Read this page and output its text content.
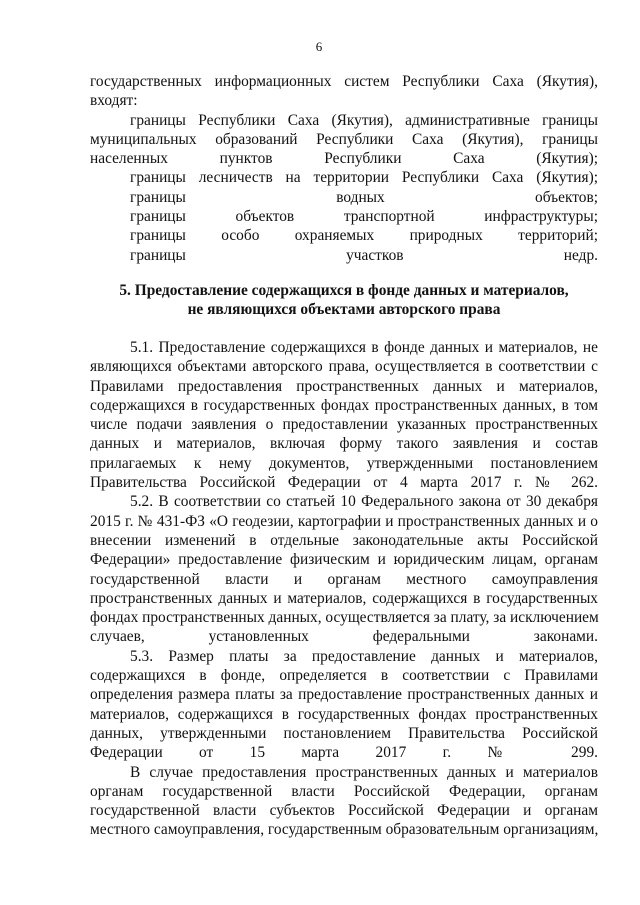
6
государственных информационных систем Республики Саха (Якутия),
входят:
границы Республики Саха (Якутия), административные границы
муниципальных образований Республики Саха (Якутия), границы
населенных пунктов Республики Саха (Якутия);
границы лесничеств на территории Республики Саха (Якутия);
границы водных объектов;
границы объектов транспортной инфраструктуры;
границы особо охраняемых природных территорий;
границы участков недр.
5. Предоставление содержащихся в фонде данных и материалов,
не являющихся объектами авторского права
5.1. Предоставление содержащихся в фонде данных и материалов, не
являющихся объектами авторского права, осуществляется в соответствии с
Правилами предоставления пространственных данных и материалов,
содержащихся в государственных фондах пространственных данных, в том
числе подачи заявления о предоставлении указанных пространственных
данных и материалов, включая форму такого заявления и состав
прилагаемых к нему документов, утвержденными постановлением
Правительства Российской Федерации от 4 марта 2017 г. № 262.
5.2. В соответствии со статьей 10 Федерального закона от 30 декабря
2015 г. № 431-ФЗ «О геодезии, картографии и пространственных данных и о
внесении изменений в отдельные законодательные акты Российской
Федерации» предоставление физическим и юридическим лицам, органам
государственной власти и органам местного самоуправления
пространственных данных и материалов, содержащихся в государственных
фондах пространственных данных, осуществляется за плату, за исключением
случаев, установленных федеральными законами.
5.3. Размер платы за предоставление данных и материалов,
содержащихся в фонде, определяется в соответствии с Правилами
определения размера платы за предоставление пространственных данных и
материалов, содержащихся в государственных фондах пространственных
данных, утвержденными постановлением Правительства Российской
Федерации от 15 марта 2017 г. № 299.
В случае предоставления пространственных данных и материалов
органам государственной власти Российской Федерации, органам
государственной власти субъектов Российской Федерации и органам
местного самоуправления, государственным образовательным организациям,
